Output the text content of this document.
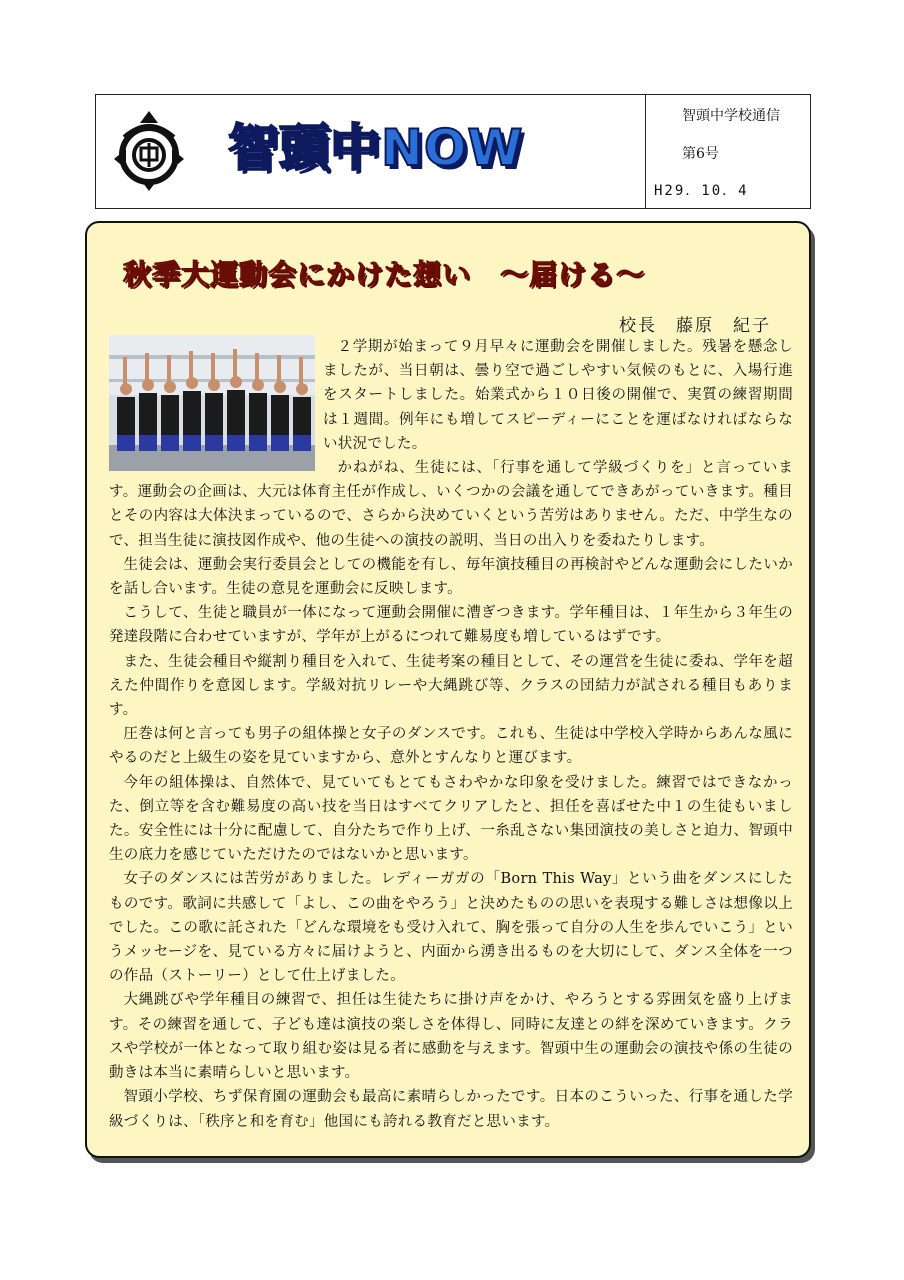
智頭中NOW
智頭中学校通信
第6号
H29．10．4
秋季大運動会にかけた想い　～届ける～
校長　藤原　紀子

２学期が始まって９月早々に運動会を開催しました。残暑を懸念しましたが、当日朝は、曇り空で過ごしやすい気候のもとに、入場行進をスタートしました。始業式から１０日後の開催で、実質の練習期間は１週間。例年にも増してスピーディーにことを運ばなければならない状況でした。

かねがね、生徒には、「行事を通して学級づくりを」と言っています。運動会の企画は、大元は体育主任が作成し、いくつかの会議を通してできあがっていきます。種目とその内容は大体決まっているので、さらから決めていくという苦労はありません。ただ、中学生なので、担当生徒に演技図作成や、他の生徒への演技の説明、当日の出入りを委ねたりします。

生徒会は、運動会実行委員会としての機能を有し、毎年演技種目の再検討やどんな運動会にしたいかを話し合います。生徒の意見を運動会に反映します。

こうして、生徒と職員が一体になって運動会開催に漕ぎつきます。学年種目は、１年生から３年生の発達段階に合わせていますが、学年が上がるにつれて難易度も増しているはずです。

また、生徒会種目や縦割り種目を入れて、生徒考案の種目として、その運営を生徒に委ね、学年を超えた仲間作りを意図します。学級対抗リレーや大縄跳び等、クラスの団結力が試される種目もあります。

圧巻は何と言っても男子の組体操と女子のダンスです。これも、生徒は中学校入学時からあんな風にやるのだと上級生の姿を見ていますから、意外とすんなりと運びます。

今年の組体操は、自然体で、見ていてもとてもさわやかな印象を受けました。練習ではできなかった、倒立等を含む難易度の高い技を当日はすべてクリアしたと、担任を喜ばせた中１の生徒もいました。安全性には十分に配慮して、自分たちで作り上げ、一糸乱さない集団演技の美しさと迫力、智頭中生の底力を感じていただけたのではないかと思います。

女子のダンスには苦労がありました。レディーガガの「Born This Way」という曲をダンスにしたものです。歌詞に共感して「よし、この曲をやろう」と決めたものの思いを表現する難しさは想像以上でした。この歌に託された「どんな環境をも受け入れて、胸を張って自分の人生を歩んでいこう」というメッセージを、見ている方々に届けようと、内面から湧き出るものを大切にして、ダンス全体を一つの作品（ストーリー）として仕上げました。

大縄跳びや学年種目の練習で、担任は生徒たちに掛け声をかけ、やろうとする雰囲気を盛り上げます。その練習を通して、子ども達は演技の楽しさを体得し、同時に友達との絆を深めていきます。クラスや学校が一体となって取り組む姿は見る者に感動を与えます。智頭中生の運動会の演技や係の生徒の動きは本当に素晴らしいと思います。

智頭小学校、ちず保育園の運動会も最高に素晴らしかったです。日本のこういった、行事を通した学級づくりは、「秩序と和を育む」他国にも誇れる教育だと思います。
